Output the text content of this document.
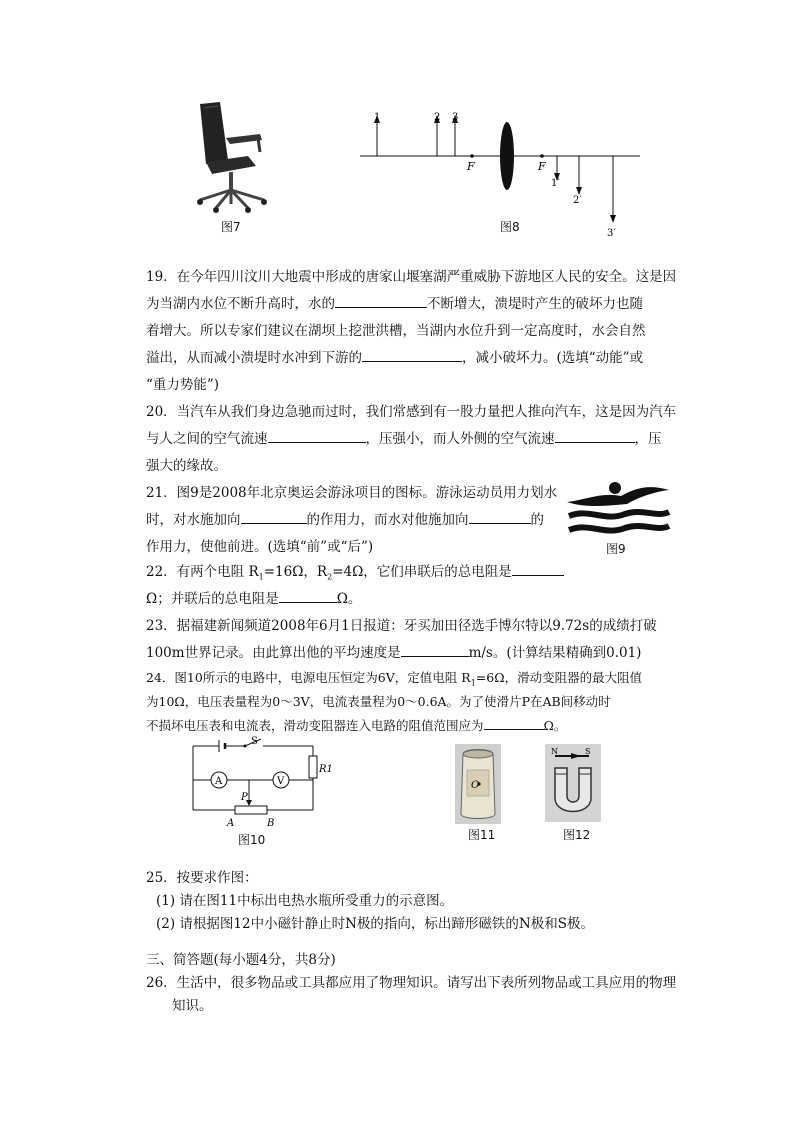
图7
1	2 3
F	F
1′
2′
3′
图8
19．在今年四川汶川大地震中形成的唐家山堰塞湖严重威胁下游地区人民的安全。这是因
为当湖内水位不断升高时，水的	不断增大，溃堤时产生的破坏力也随
着增大。所以专家们建议在湖坝上挖泄洪槽，当湖内水位升到一定高度时，水会自然
溢出，从而减小溃堤时水冲到下游的	，减小破坏力。(选填“动能”或
“重力势能”)
20．当汽车从我们身边急驰而过时，我们常感到有一股力量把人推向汽车，这是因为汽车
与人之间的空气流速	，压强小，而人外侧的空气流速	，压
强大的缘故。
21．图9是2008年北京奥运会游泳项目的图标。游泳运动员用力划水
时，对水施加向	的作用力，而水对他施加向	的
作用力，使他前进。(选填“前”或“后”)	图9
22．有两个电阻 $R_1=16\Omega$，$R_2=4\Omega$，它们串联后的总电阻是
Ω；并联后的总电阻是	Ω。
23．据福建新闻频道2008年6月1日报道：牙买加田径选手博尔特以9.72s的成绩打破
100m世界记录。由此算出他的平均速度是	m/s。(计算结果精确到0.01)
24．图10所示的电路中，电源电压恒定为6V，定值电阻 $R_1=6\Omega$，滑动变阻器的最大阻值
为10Ω，电压表量程为0～3V，电流表量程为0～0.6A。为了使滑片P在AB间移动时
不损坏电压表和电流表，滑动变阻器连入电路的阻值范围应为	Ω。
S
R1
A	V
P
A	B
图10
O
图11
N	S
图12
25．按要求作图：
(1) 请在图11中标出电热水瓶所受重力的示意图。
(2) 请根据图12中小磁针静止时N极的指向，标出蹄形磁铁的N极和S极。
三、简答题(每小题4分，共8分)
26．生活中，很多物品或工具都应用了物理知识。请写出下表所列物品或工具应用的物理
知识。
